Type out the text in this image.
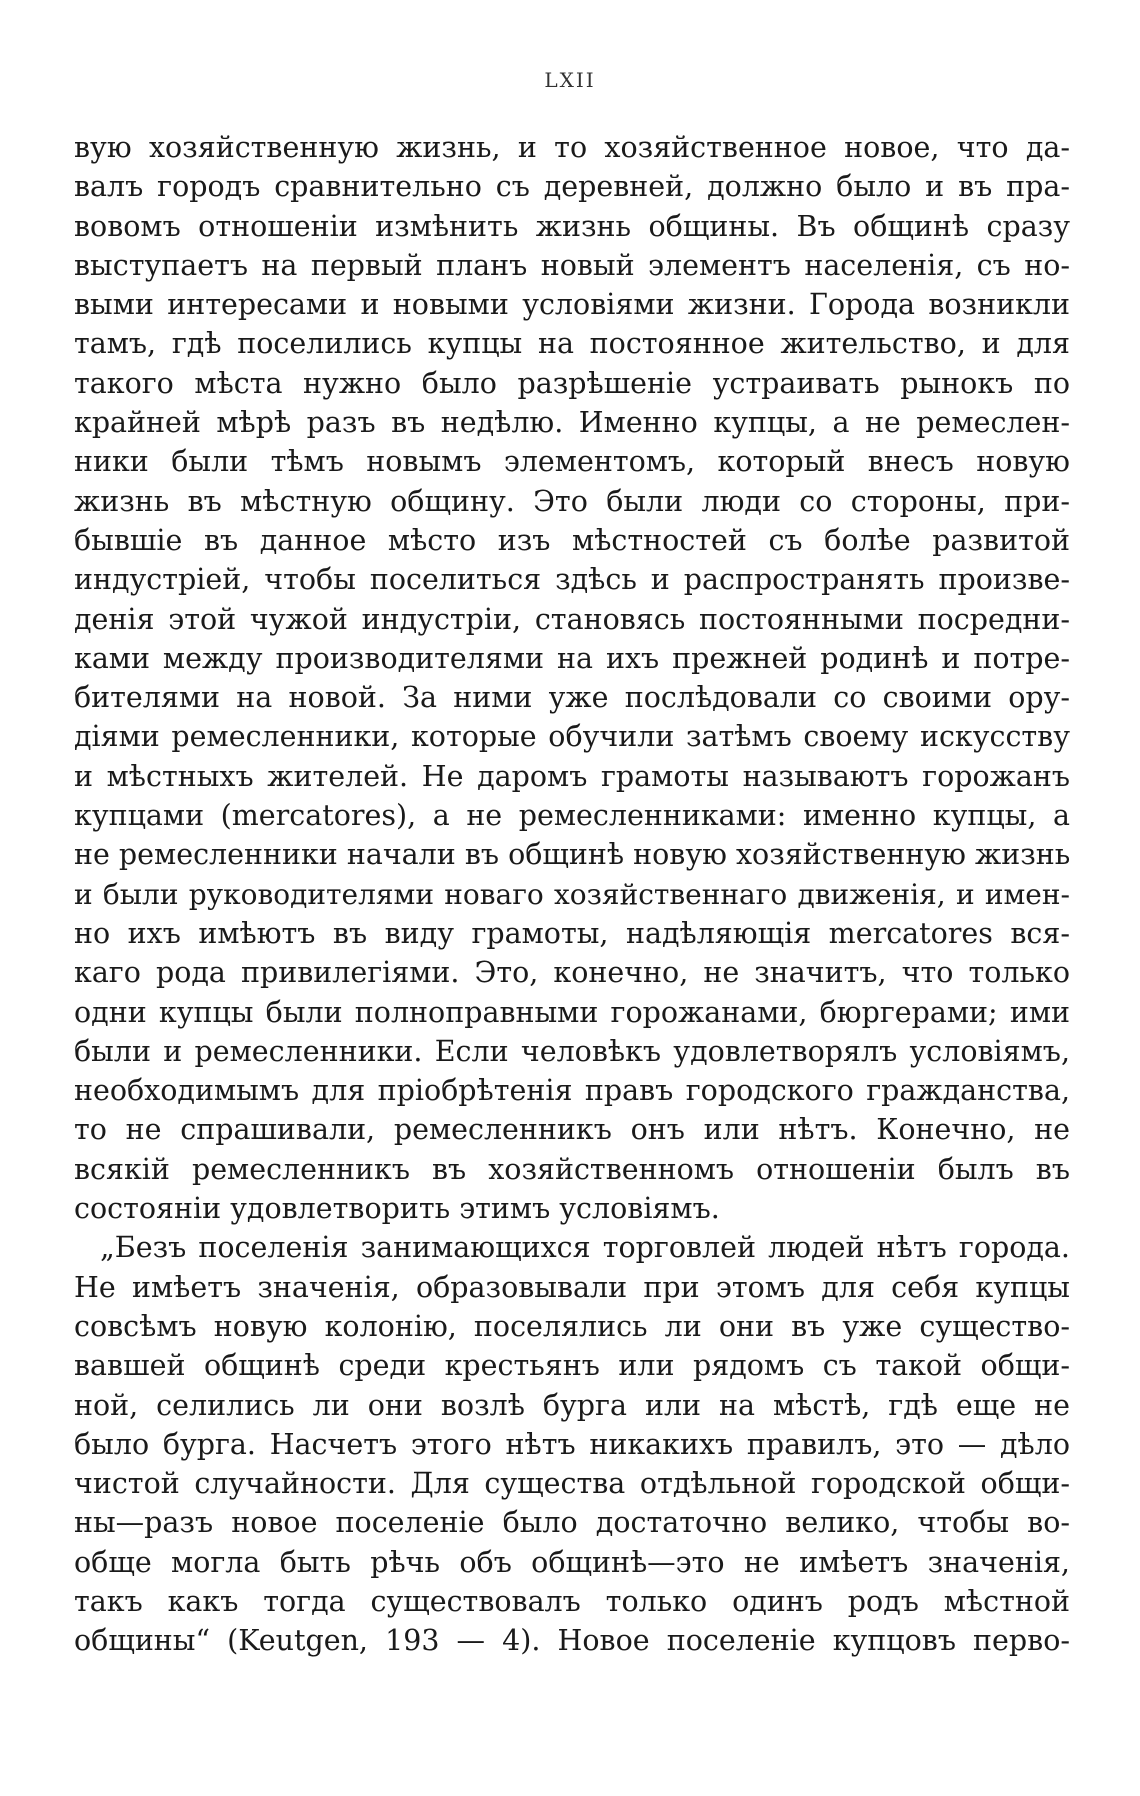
LXII
вую хозяйственную жизнь, и то хозяйственное новое, что да-
валъ городъ сравнительно съ деревней, должно было и въ пра-
вовомъ отношеніи измѣнить жизнь общины. Въ общинѣ сразу
выступаетъ на первый планъ новый элементъ населенія, съ но-
выми интересами и новыми условіями жизни. Города возникли
тамъ, гдѣ поселились купцы на постоянное жительство, и для
такого мѣста нужно было разрѣшеніе устраивать рынокъ по
крайней мѣрѣ разъ въ недѣлю. Именно купцы, а не ремеслен-
ники были тѣмъ новымъ элементомъ, который внесъ новую
жизнь въ мѣстную общину. Это были люди со стороны, при-
бывшіе въ данное мѣсто изъ мѣстностей съ болѣе развитой
индустріей, чтобы поселиться здѣсь и распространять произве-
денія этой чужой индустріи, становясь постоянными посредни-
ками между производителями на ихъ прежней родинѣ и потре-
бителями на новой. За ними уже послѣдовали со своими ору-
діями ремесленники, которые обучили затѣмъ своему искусству
и мѣстныхъ жителей. Не даромъ грамоты называютъ горожанъ
купцами (mercatores), а не ремесленниками: именно купцы, а
не ремесленники начали въ общинѣ новую хозяйственную жизнь
и были руководителями новаго хозяйственнаго движенія, и имен-
но ихъ имѣютъ въ виду грамоты, надѣляющія mercatores вся-
каго рода привилегіями. Это, конечно, не значитъ, что только
одни купцы были полноправными горожанами, бюргерами; ими
были и ремесленники. Если человѣкъ удовлетворялъ условіямъ,
необходимымъ для пріобрѣтенія правъ городского гражданства,
то не спрашивали, ремесленникъ онъ или нѣтъ. Конечно, не
всякій ремесленникъ въ хозяйственномъ отношеніи былъ въ
состояніи удовлетворить этимъ условіямъ.
„Безъ поселенія занимающихся торговлей людей нѣтъ города.
Не имѣетъ значенія, образовывали при этомъ для себя купцы
совсѣмъ новую колонію, поселялись ли они въ уже существо-
вавшей общинѣ среди крестьянъ или рядомъ съ такой общи-
ной, селились ли они возлѣ бурга или на мѣстѣ, гдѣ еще не
было бурга. Насчетъ этого нѣтъ никакихъ правилъ, это — дѣло
чистой случайности. Для существа отдѣльной городской общи-
ны—разъ новое поселеніе было достаточно велико, чтобы во-
обще могла быть рѣчь объ общинѣ—это не имѣетъ значенія,
такъ какъ тогда существовалъ только одинъ родъ мѣстной
общины“ (Keutgen, 193 — 4). Новое поселеніе купцовъ перво-
